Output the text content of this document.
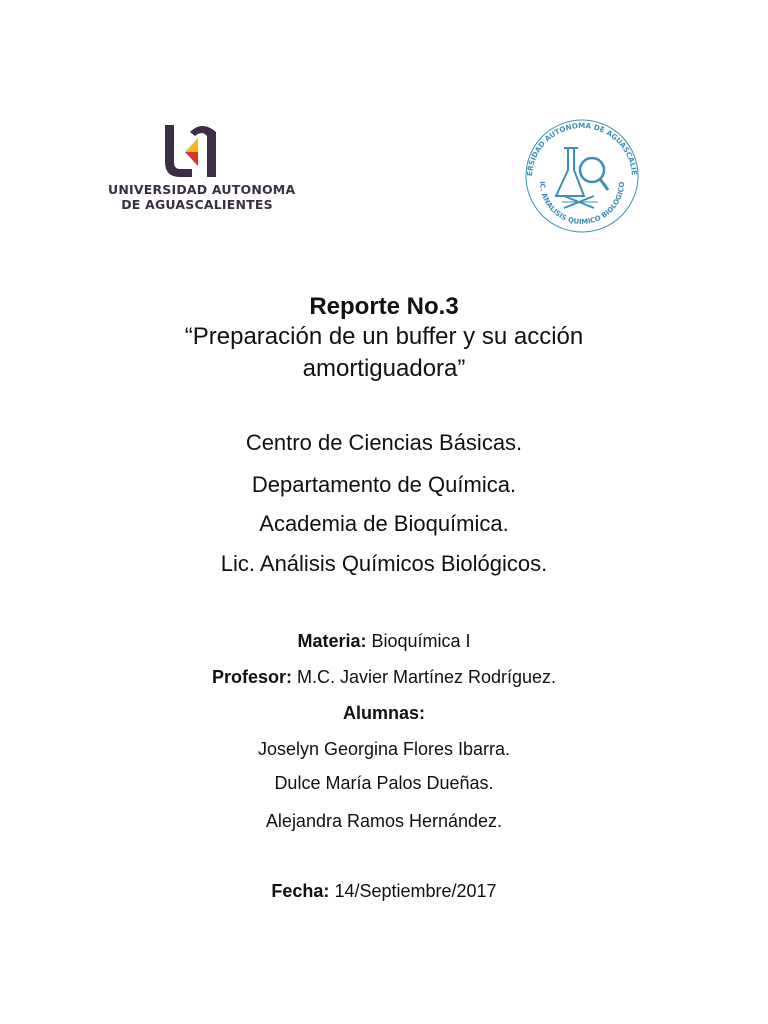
UNIVERSIDAD AUTONOMA
DE AGUASCALIENTES
ERSIDAD AUTONOMA DE AGUASCALIE
IC. ANALISIS QUIMICO BIOLOGICO
Reporte No.3
“Preparación de un buffer y su acción
amortiguadora”
Centro de Ciencias Básicas.
Departamento de Química.
Academia de Bioquímica.
Lic. Análisis Químicos Biológicos.
Materia: Bioquímica I
Profesor: M.C. Javier Martínez Rodríguez.
Alumnas:
Joselyn Georgina Flores Ibarra.
Dulce María Palos Dueñas.
Alejandra Ramos Hernández.
Fecha: 14/Septiembre/2017
